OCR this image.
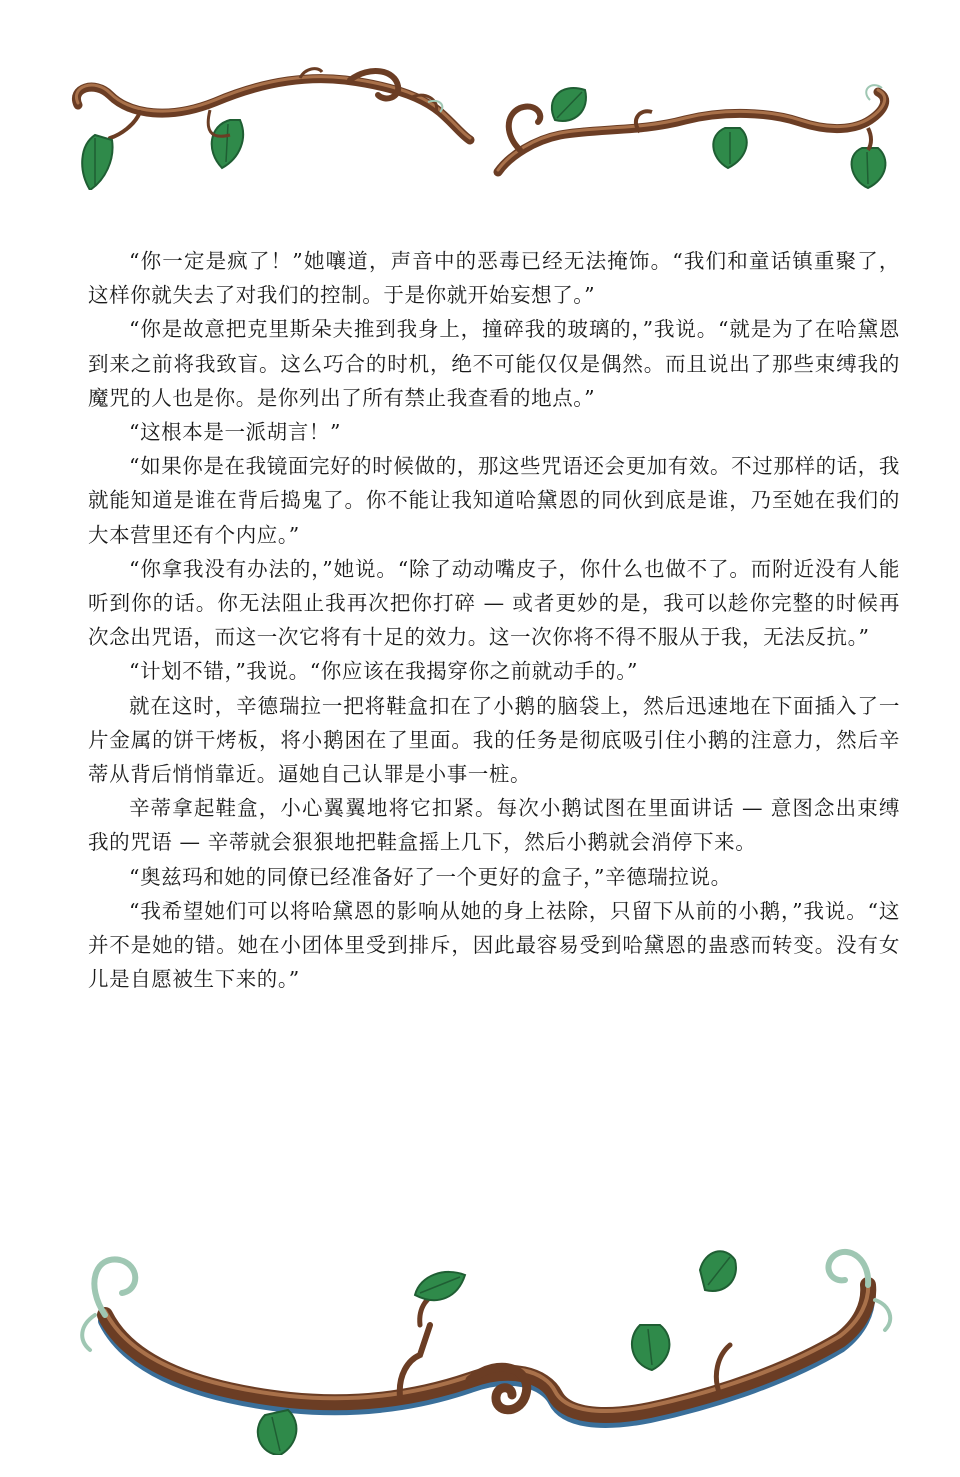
“你一定是疯了！”她嚷道，声音中的恶毒已经无法掩饰。“我们和童话镇重聚了，这样你就失去了对我们的控制。于是你就开始妄想了。”

“你是故意把克里斯朵夫推到我身上，撞碎我的玻璃的，”我说。“就是为了在哈黛恩到来之前将我致盲。这么巧合的时机，绝不可能仅仅是偶然。而且说出了那些束缚我的魔咒的人也是你。是你列出了所有禁止我查看的地点。”

“这根本是一派胡言！”

“如果你是在我镜面完好的时候做的，那这些咒语还会更加有效。不过那样的话，我就能知道是谁在背后捣鬼了。你不能让我知道哈黛恩的同伙到底是谁，乃至她在我们的大本营里还有个内应。”

“你拿我没有办法的，”她说。“除了动动嘴皮子，你什么也做不了。而附近没有人能听到你的话。你无法阻止我再次把你打碎 — 或者更妙的是，我可以趁你完整的时候再次念出咒语，而这一次它将有十足的效力。这一次你将不得不服从于我，无法反抗。”

“计划不错，”我说。“你应该在我揭穿你之前就动手的。”

就在这时，辛德瑞拉一把将鞋盒扣在了小鹅的脑袋上，然后迅速地在下面插入了一片金属的饼干烤板，将小鹅困在了里面。我的任务是彻底吸引住小鹅的注意力，然后辛蒂从背后悄悄靠近。逼她自己认罪是小事一桩。

辛蒂拿起鞋盒，小心翼翼地将它扣紧。每次小鹅试图在里面讲话 — 意图念出束缚我的咒语 — 辛蒂就会狠狠地把鞋盒摇上几下，然后小鹅就会消停下来。

“奥兹玛和她的同僚已经准备好了一个更好的盒子，”辛德瑞拉说。

“我希望她们可以将哈黛恩的影响从她的身上祛除，只留下从前的小鹅，”我说。“这并不是她的错。她在小团体里受到排斥，因此最容易受到哈黛恩的蛊惑而转变。没有女儿是自愿被生下来的。”
